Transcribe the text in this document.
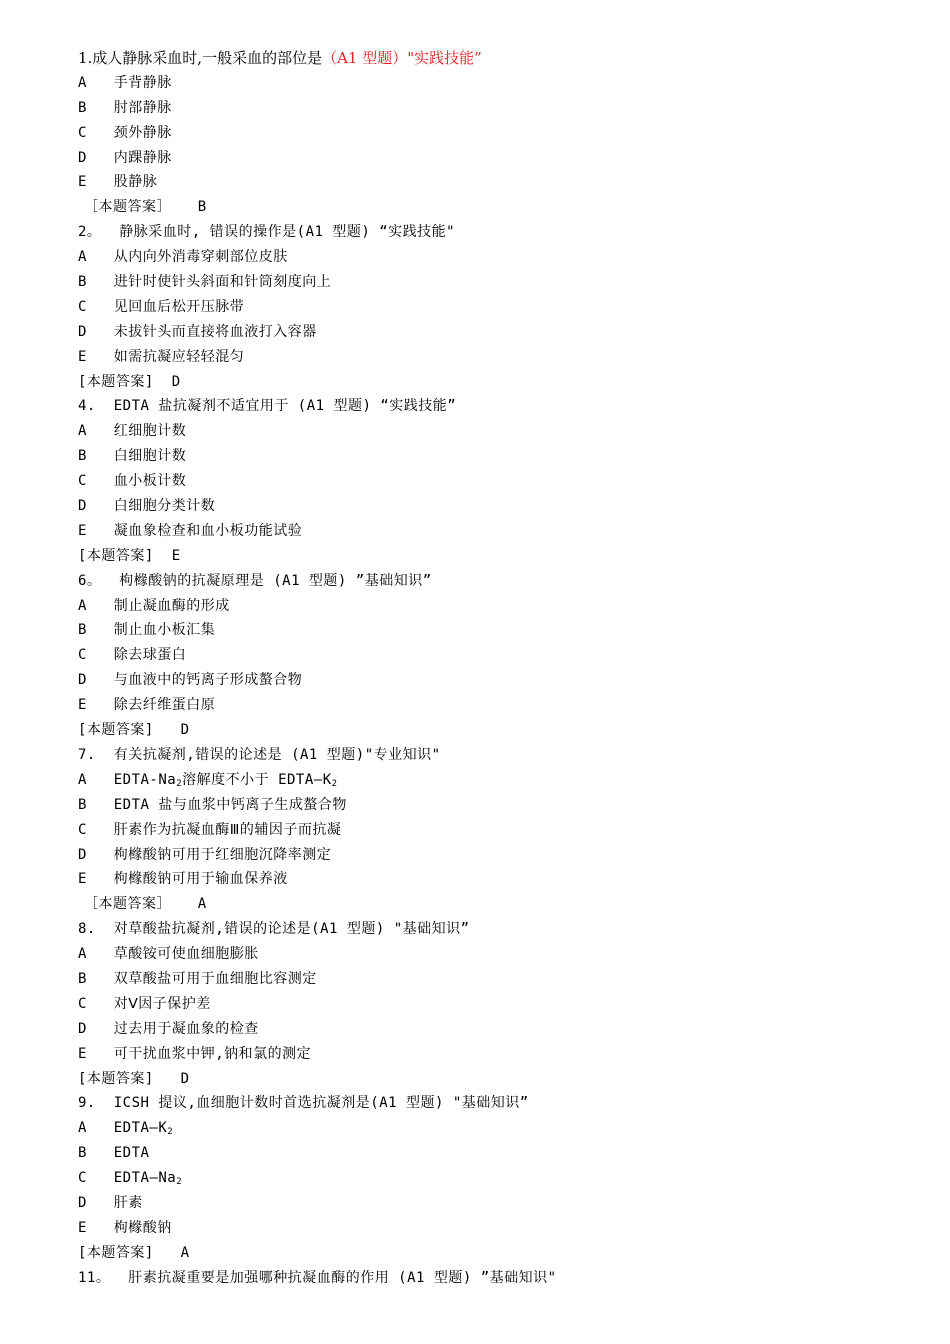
1.成人静脉采血时,一般采血的部位是（A1 型题）"实践技能”
A   手背静脉
B   肘部静脉
C   颈外静脉
D   内踝静脉
E   股静脉
［本题答案］   B
2。  静脉采血时, 错误的操作是(A1 型题) “实践技能"
A   从内向外消毒穿刺部位皮肤
B   进针时使针头斜面和针筒刻度向上
C   见回血后松开压脉带
D   未拔针头而直接将血液打入容器
E   如需抗凝应轻轻混匀
[本题答案]  D
4.  EDTA 盐抗凝剂不适宜用于 (A1 型题) “实践技能”
A   红细胞计数
B   白细胞计数
C   血小板计数
D   白细胞分类计数
E   凝血象检查和血小板功能试验
[本题答案]  E
6。  枸橼酸钠的抗凝原理是 (A1 型题) ”基础知识”
A   制止凝血酶的形成
B   制止血小板汇集
C   除去球蛋白
D   与血液中的钙离子形成螯合物
E   除去纤维蛋白原
[本题答案]   D
7.  有关抗凝剂,错误的论述是 (A1 型题)"专业知识"
A   EDTA-$Na_2$溶解度不小于 $EDTA—K_2$
B   EDTA 盐与血浆中钙离子生成螯合物
C   肝素作为抗凝血酶Ⅲ的辅因子而抗凝
D   枸橼酸钠可用于红细胞沉降率测定
E   枸橼酸钠可用于输血保养液
［本题答案］   A
8.  对草酸盐抗凝剂,错误的论述是(A1 型题) "基础知识”
A   草酸铵可使血细胞膨胀
B   双草酸盐可用于血细胞比容测定
C   对Ⅴ因子保护差
D   过去用于凝血象的检查
E   可干扰血浆中钾,钠和氯的测定
[本题答案]   D
9.  ICSH 提议,血细胞计数时首选抗凝剂是(A1 型题) "基础知识”
A   $EDTA—K_2$
B   EDTA
C   $EDTA—Na_2$
D   肝素
E   枸橼酸钠
[本题答案]   A
11。  肝素抗凝重要是加强哪种抗凝血酶的作用 (A1 型题) ”基础知识"
